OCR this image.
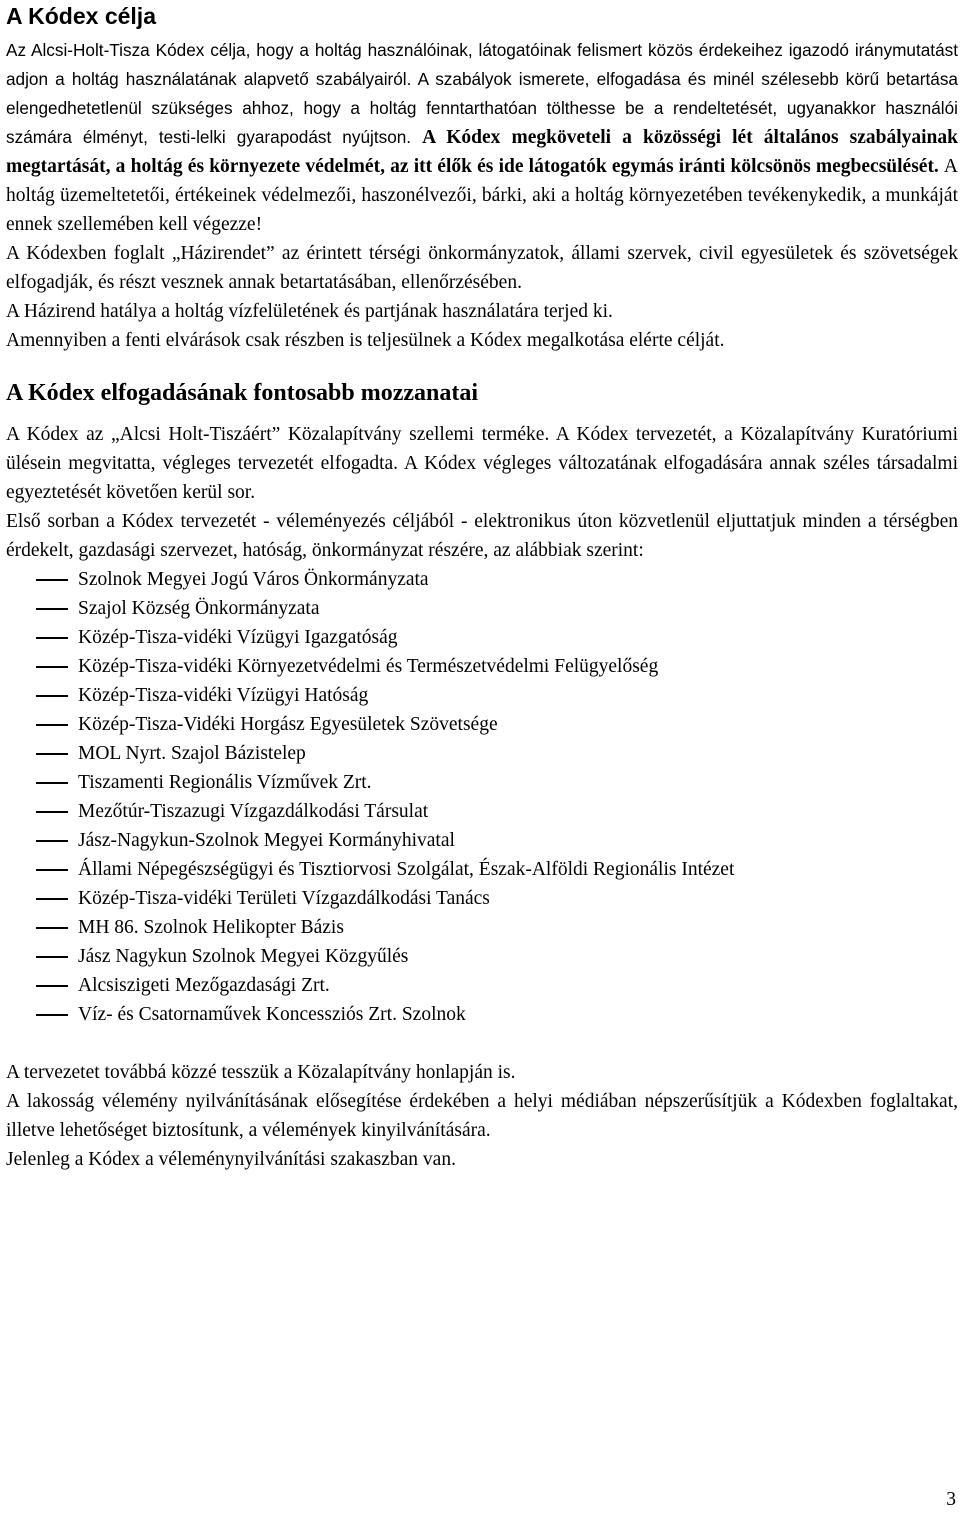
A Kódex célja

Az Alcsi-Holt-Tisza Kódex célja, hogy a holtág használóinak, látogatóinak felismert közös érdekeihez igazodó iránymutatást adjon a holtág használatának alapvető szabályairól. A szabályok ismerete, elfogadása és minél szélesebb körű betartása elengedhetetlenül szükséges ahhoz, hogy a holtág fenntarthatóan tölthesse be a rendeltetését, ugyanakkor használói számára élményt, testi-lelki gyarapodást nyújtson. A Kódex megköveteli a közösségi lét általános szabályainak megtartását, a holtág és környezete védelmét, az itt élők és ide látogatók egymás iránti kölcsönös megbecsülését. A holtág üzemeltetetői, értékeinek védelmezői, haszonélvezői, bárki, aki a holtág környezetében tevékenykedik, a munkáját ennek szellemében kell végezze!

A Kódexben foglalt „Házirendet” az érintett térségi önkormányzatok, állami szervek, civil egyesületek és szövetségek elfogadják, és részt vesznek annak betartatásában, ellenőrzésében.

A Házirend hatálya a holtág vízfelületének és partjának használatára terjed ki.

Amennyiben a fenti elvárások csak részben is teljesülnek a Kódex megalkotása elérte célját.

A Kódex elfogadásának fontosabb mozzanatai

A Kódex az „Alcsi Holt-Tiszáért” Közalapítvány szellemi terméke. A Kódex tervezetét, a Közalapítvány Kuratóriumi ülésein megvitatta, végleges tervezetét elfogadta. A Kódex végleges változatának elfogadására annak széles társadalmi egyeztetését követően kerül sor.

Első sorban a Kódex tervezetét - véleményezés céljából - elektronikus úton közvetlenül eljuttatjuk minden a térségben érdekelt, gazdasági szervezet, hatóság, önkormányzat részére, az alábbiak szerint:

Szolnok Megyei Jogú Város Önkormányzata
Szajol Község Önkormányzata
Közép-Tisza-vidéki Vízügyi Igazgatóság
Közép-Tisza-vidéki Környezetvédelmi és Természetvédelmi Felügyelőség
Közép-Tisza-vidéki Vízügyi Hatóság
Közép-Tisza-Vidéki Horgász Egyesületek Szövetsége
MOL Nyrt. Szajol Bázistelep
Tiszamenti Regionális Vízművek Zrt.
Mezőtúr-Tiszazugi Vízgazdálkodási Társulat
Jász-Nagykun-Szolnok Megyei Kormányhivatal
Állami Népegészségügyi és Tisztiorvosi Szolgálat, Észak-Alföldi Regionális Intézet
Közép-Tisza-vidéki Területi Vízgazdálkodási Tanács
MH 86. Szolnok Helikopter Bázis
Jász Nagykun Szolnok Megyei Közgyűlés
Alcsiszigeti Mezőgazdasági Zrt.
Víz- és Csatornaművek Koncessziós Zrt. Szolnok

A tervezetet továbbá közzé tesszük a Közalapítvány honlapján is.

A lakosság vélemény nyilvánításának elősegítése érdekében a helyi médiában népszerűsítjük a Kódexben foglaltakat, illetve lehetőséget biztosítunk, a vélemények kinyilvánítására.

Jelenleg a Kódex a véleménynyilvánítási szakaszban van.

3
